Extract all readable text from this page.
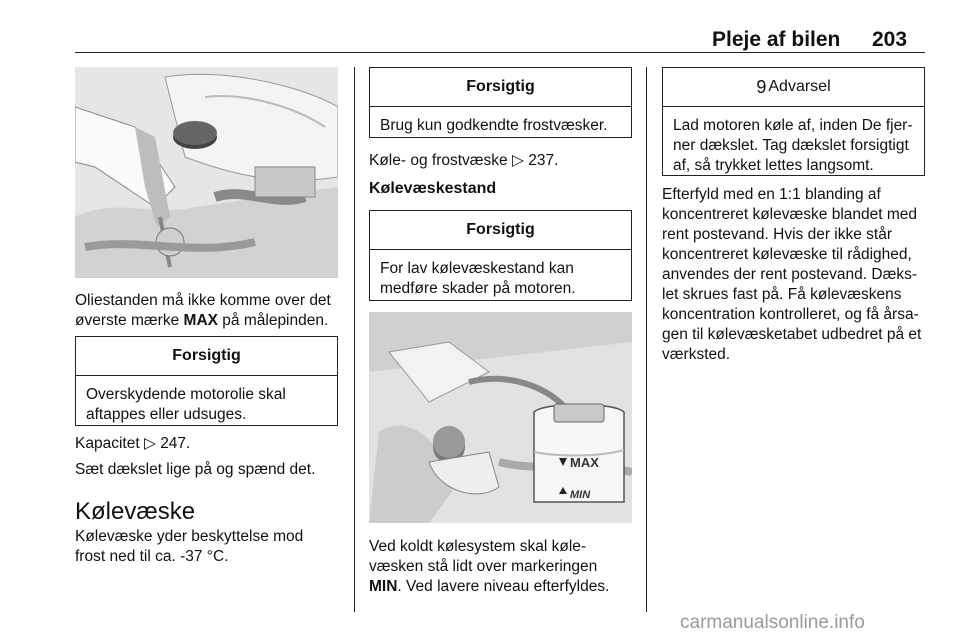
Pleje af bilen 203

Oliestanden må ikke komme over det øverste mærke MAX på målepinden.

Forsigtig
Overskydende motorolie skal aftappes eller udsuges.

Kapacitet ▷ 247.

Sæt dækslet lige på og spænd det.

Kølevæske

Kølevæske yder beskyttelse mod frost ned til ca. -37 °C.

Forsigtig
Brug kun godkendte frostvæsker.

Køle- og frostvæske ▷ 237.

Kølevæskestand
Forsigtig
For lav kølevæskestand kan medføre skader på motoren.
MAX
MIN

Ved koldt kølesystem skal køle-væsken stå lidt over markeringen MIN. Ved lavere niveau efterfyldes.

9 Advarsel
Lad motoren køle af, inden De fjer-ner dækslet. Tag dækslet forsigtigt af, så trykket lettes langsomt.

Efterfyld med en 1:1 blanding af koncentreret kølevæske blandet med rent postevand. Hvis der ikke står koncentreret kølevæske til rådighed, anvendes der rent postevand. Dæks-let skrues fast på. Få kølevæskens koncentration kontrolleret, og få årsa-gen til kølevæsketabet udbedret på et værksted.

carmanualsonline.info
